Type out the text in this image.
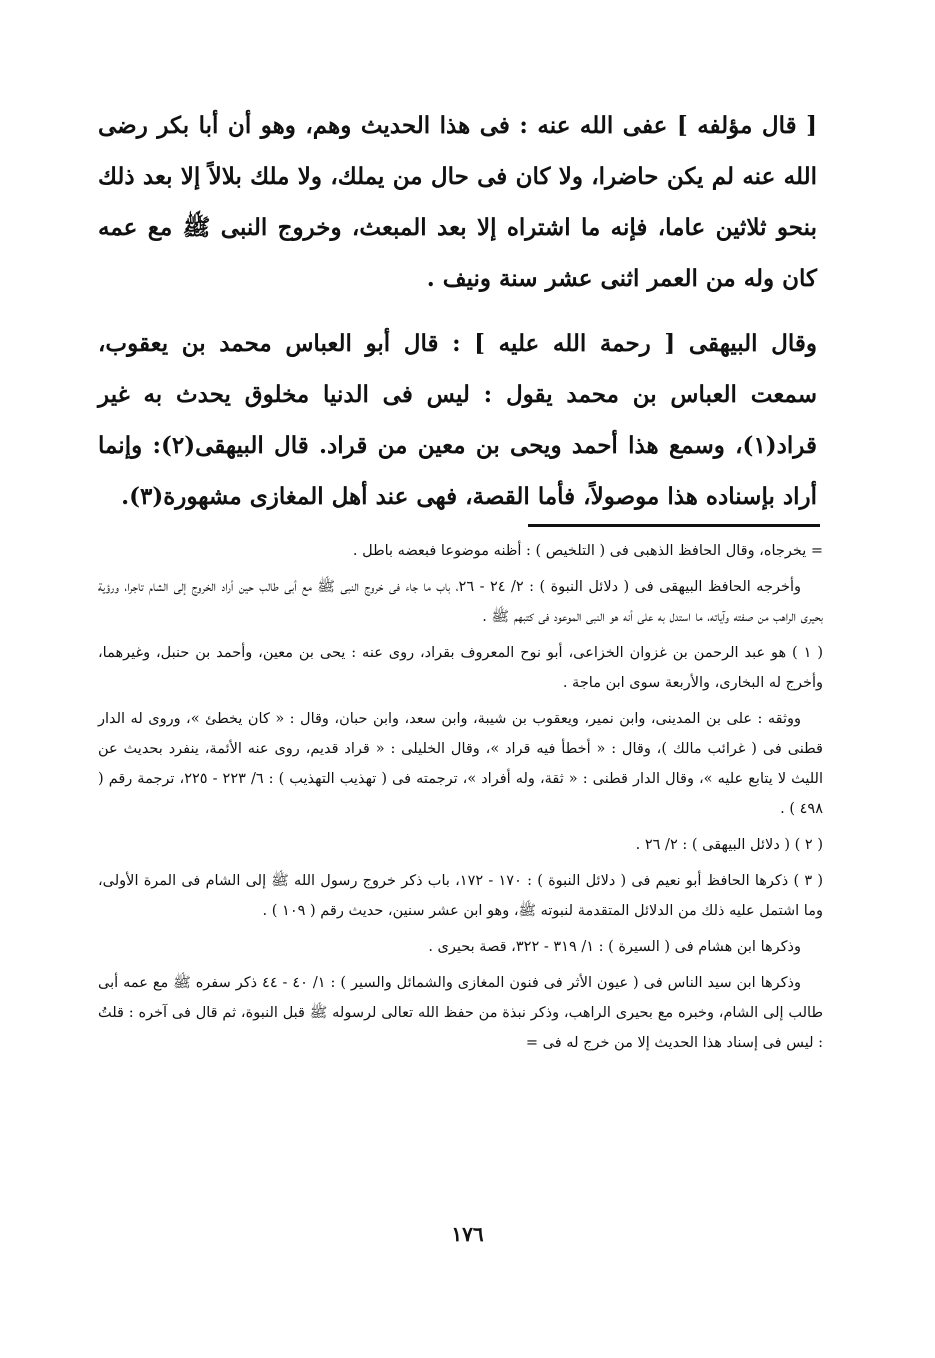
[ قال مؤلفه ] عفى الله عنه : فى هذا الحديث وهم، وهو أن أبا بكر رضى الله عنه لم يكن حاضرا، ولا كان فى حال من يملك، ولا ملك بلالاً إلا بعد ذلك بنحو ثلاثين عاما، فإنه ما اشتراه إلا بعد المبعث، وخروج النبى ﷺ مع عمه كان وله من العمر اثنى عشر سنة ونيف .

وقال البيهقى [ رحمة الله عليه ] : قال أبو العباس محمد بن يعقوب، سمعت العباس بن محمد يقول : ليس فى الدنيا مخلوق يحدث به غير قراد(١)، وسمع هذا أحمد ويحى بن معين من قراد. قال البيهقى(٢): وإنما أراد بإسناده هذا موصولاً، فأما القصة، فهى عند أهل المغازى مشهورة(٣).

= يخرجاه، وقال الحافظ الذهبى فى ( التلخيص ) : أظنه موضوعا فبعضه باطل .

وأخرجه الحافظ البيهقى فى ( دلائل النبوة ) : ٢/ ٢٤ - ٢٦، باب ما جاء فى خروج النبى ﷺ مع أبى طالب حين أراد الخروج إلى الشام تاجرا، ورؤية بحيرى الراهب من صفته وآياته، ما استدل به على أنه هو النبى الموعود فى كتبهم ﷺ .

( ١ ) هو عبد الرحمن بن غزوان الخزاعى، أبو نوح المعروف بقراد، روى عنه : يحى بن معين، وأحمد بن حنبل، وغيرهما، وأخرج له البخارى، والأربعة سوى ابن ماجة .

ووثقه : على بن المدينى، وابن نمير، ويعقوب بن شيبة، وابن سعد، وابن حبان، وقال : « كان يخطئ »، وروى له الدار قطنى فى ( غرائب مالك )، وقال : « أخطأ فيه قراد »، وقال الخليلى : « قراد قديم، روى عنه الأئمة، ينفرد بحديث عن الليث لا يتابع عليه »، وقال الدار قطنى : « ثقة، وله أفراد »، ترجمته فى ( تهذيب التهذيب ) : ٦/ ٢٢٣ - ٢٢٥، ترجمة رقم ( ٤٩٨ ) .

( ٢ ) ( دلائل البيهقى ) : ٢/ ٢٦ .

( ٣ ) ذكرها الحافظ أبو نعيم فى ( دلائل النبوة ) : ١٧٠ - ١٧٢، باب ذكر خروج رسول الله ﷺ إلى الشام فى المرة الأولى، وما اشتمل عليه ذلك من الدلائل المتقدمة لنبوته ﷺ، وهو ابن عشر سنين، حديث رقم ( ١٠٩ ) .

وذكرها ابن هشام فى ( السيرة ) : ١/ ٣١٩ - ٣٢٢، قصة بحيرى .

وذكرها ابن سيد الناس فى ( عيون الأثر فى فنون المغازى والشمائل والسير ) : ١/ ٤٠ - ٤٤ ذكر سفره ﷺ مع عمه أبى طالب إلى الشام، وخبره مع بحيرى الراهب، وذكر نبذة من حفظ الله تعالى لرسوله ﷺ قبل النبوة، ثم قال فى آخره : قلتُ : ليس فى إسناد هذا الحديث إلا من خرج له فى =

١٧٦
